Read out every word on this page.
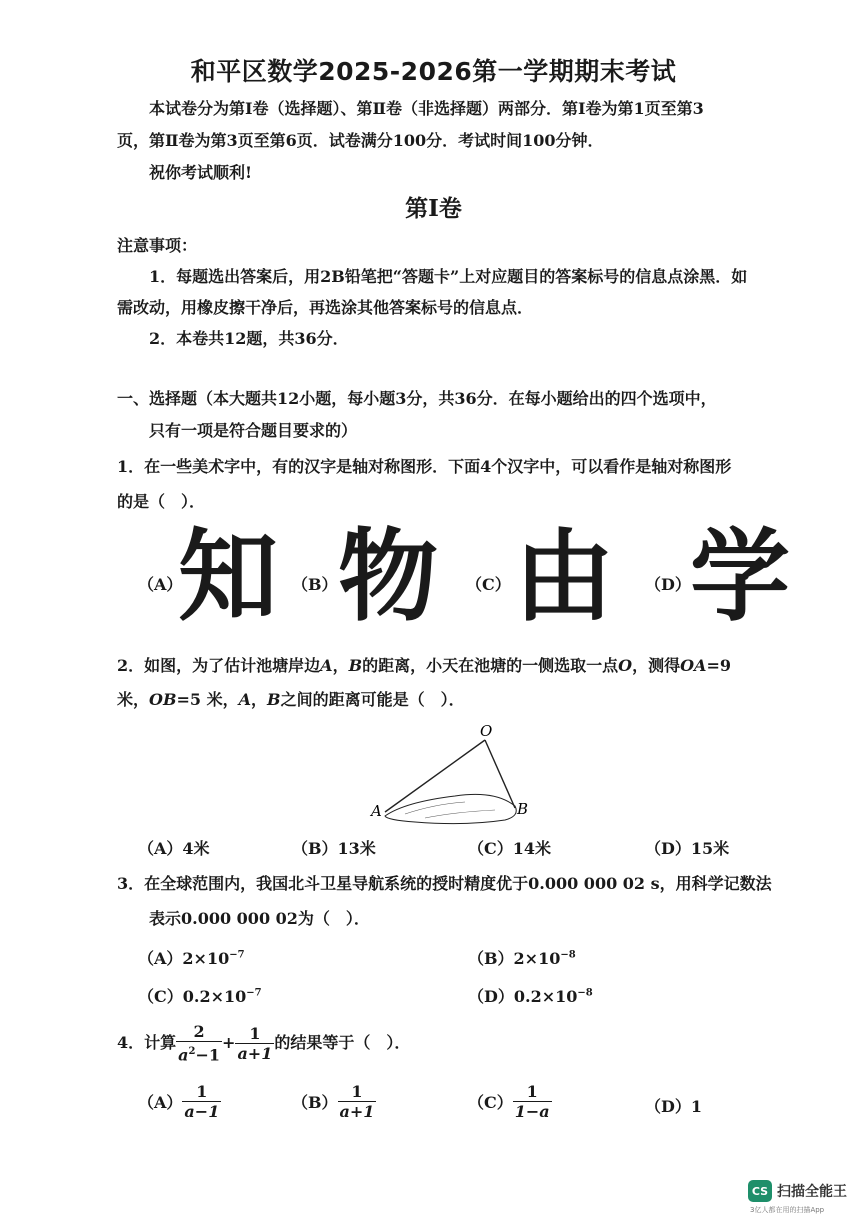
和平区数学2025-2026第一学期期末考试
本试卷分为第Ⅰ卷（选择题）、第Ⅱ卷（非选择题）两部分．第Ⅰ卷为第1页至第3
页，第Ⅱ卷为第3页至第6页．试卷满分100分．考试时间100分钟．
祝你考试顺利!
第Ⅰ卷
注意事项：
1．每题选出答案后，用2B铅笔把“答题卡”上对应题目的答案标号的信息点涂黑．如
需改动，用橡皮擦干净后，再选涂其他答案标号的信息点．
2．本卷共12题，共36分．
一、选择题（本大题共12小题，每小题3分，共36分．在每小题给出的四个选项中，
只有一项是符合题目要求的）
1．在一些美术字中，有的汉字是轴对称图形．下面4个汉字中，可以看作是轴对称图形
的是（　）．
（A）
知 （B） 物 （C） 由 （D） 学
2．如图，为了估计池塘岸边A，B的距离，小天在池塘的一侧选取一点O，测得OA=9
米，OB=5 米，A，B之间的距离可能是（　）．
O
A	B
（A）4米	（B）13米	（C）14米	（D）15米
3．在全球范围内，我国北斗卫星导航系统的授时精度优于0.000 000 02 s，用科学记数法
表示0.000 000 02为（　）．
$(A)2\times 10^{-7}$	$(B)2\times 10^{-8}$
$(C)0.2\times 10^{-7}$	$(D)0.2\times 10^{-8}$
4．计算 $\frac{2}{a^2-1} + \frac{1}{a+1}$ 的结果等于（　）．
$(A) \frac{1}{a-1}$	$(B) \frac{1}{a+1}$	$(C) \frac{1}{1-a}$	（D）1
CS 扫描全能王
3亿人都在用的扫描App
